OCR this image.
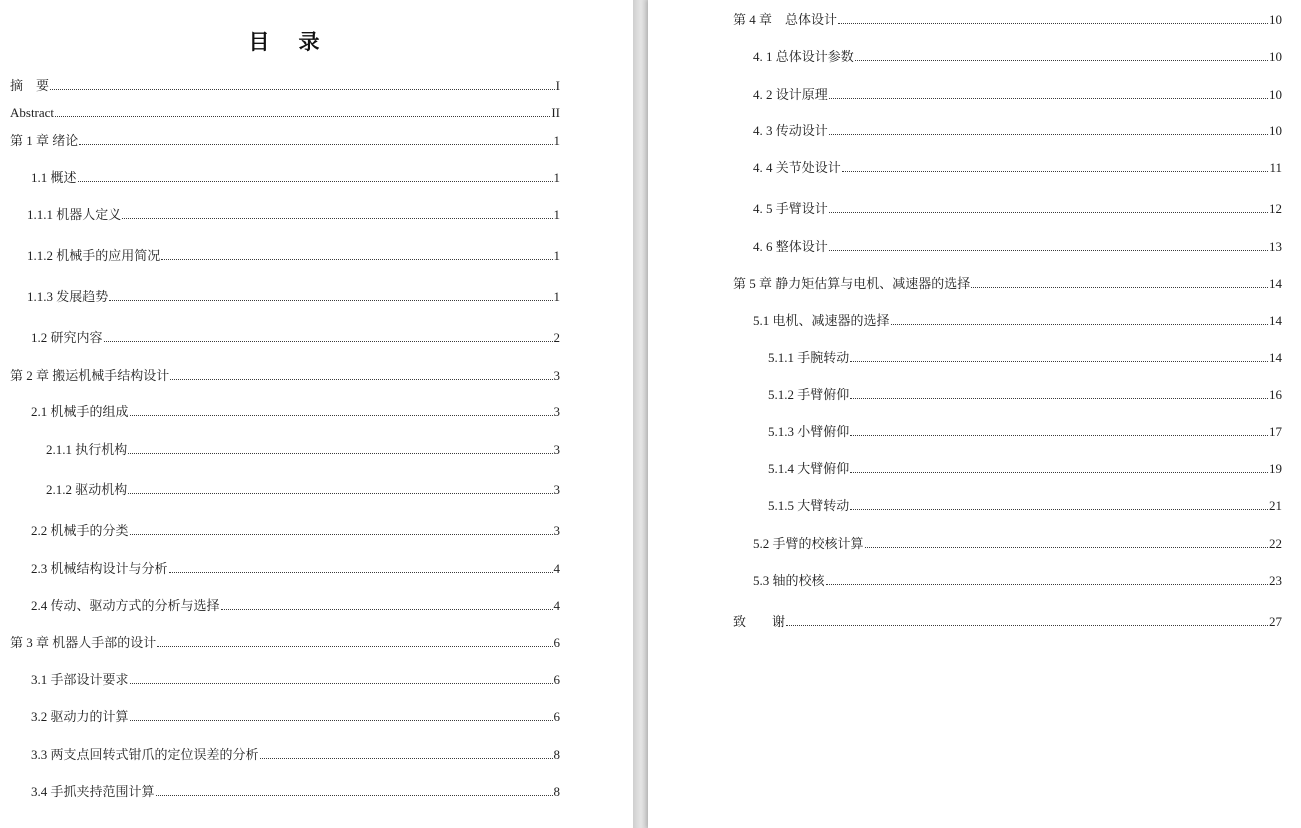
目　录
摘　要	I
Abstract	II
第 1 章 绪论	1
1.1 概述	1
1.1.1 机器人定义	1
1.1.2 机械手的应用简况	1
1.1.3 发展趋势	1
1.2 研究内容	2
第 2 章 搬运机械手结构设计	3
2.1 机械手的组成	3
2.1.1 执行机构	3
2.1.2 驱动机构	3
2.2 机械手的分类	3
2.3 机械结构设计与分析	4
2.4 传动、驱动方式的分析与选择	4
第 3 章 机器人手部的设计	6
3.1 手部设计要求	6
3.2 驱动力的计算	6
3.3 两支点回转式钳爪的定位误差的分析	8
3.4 手抓夹持范围计算	8
第 4 章　总体设计	10
4. 1 总体设计参数	10
4. 2 设计原理	10
4. 3 传动设计	10
4. 4 关节处设计	11
4. 5 手臂设计	12
4. 6 整体设计	13
第 5 章 静力矩估算与电机、减速器的选择	14
5.1 电机、减速器的选择	14
5.1.1 手腕转动	14
5.1.2 手臂俯仰	16
5.1.3 小臂俯仰	17
5.1.4 大臂俯仰	19
5.1.5 大臂转动	21
5.2 手臂的校核计算	22
5.3 轴的校核	23
致　　谢	27
